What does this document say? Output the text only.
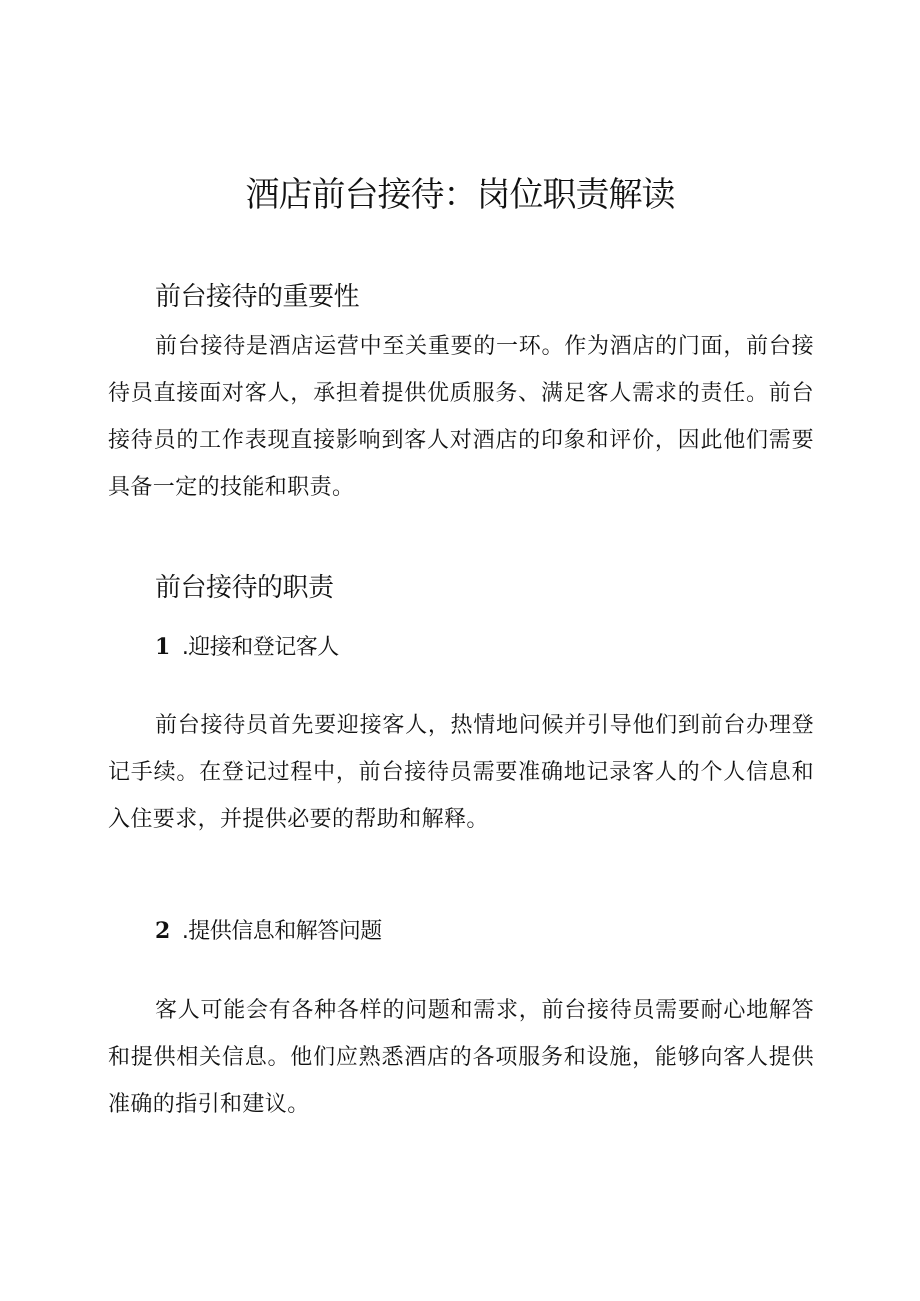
酒店前台接待：岗位职责解读
前台接待的重要性

前台接待是酒店运营中至关重要的一环。作为酒店的门面，前台接待员直接面对客人，承担着提供优质服务、满足客人需求的责任。前台接待员的工作表现直接影响到客人对酒店的印象和评价，因此他们需要具备一定的技能和职责。

前台接待的职责
1 .迎接和登记客人

前台接待员首先要迎接客人，热情地问候并引导他们到前台办理登记手续。在登记过程中，前台接待员需要准确地记录客人的个人信息和入住要求，并提供必要的帮助和解释。

2 .提供信息和解答问题

客人可能会有各种各样的问题和需求，前台接待员需要耐心地解答和提供相关信息。他们应熟悉酒店的各项服务和设施，能够向客人提供准确的指引和建议。
